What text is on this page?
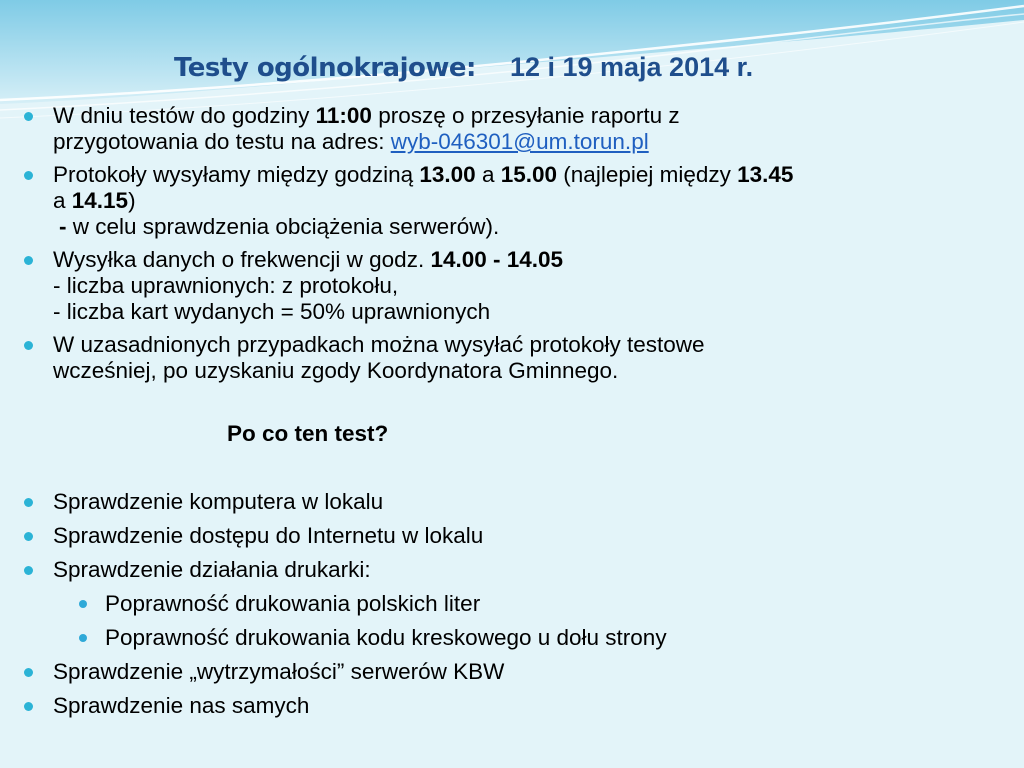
Testy ogólnokrajowe: 12 i 19 maja 2014 r.
W dniu testów do godziny 11:00 proszę o przesyłanie raportu z
przygotowania do testu na adres: wyb-046301@um.torun.pl
Protokoły wysyłamy między godziną 13.00 a 15.00 (najlepiej między 13.45
a 14.15)
- w celu sprawdzenia obciążenia serwerów).
Wysyłka danych o frekwencji w godz. 14.00 - 14.05
- liczba uprawnionych: z protokołu,
- liczba kart wydanych = 50% uprawnionych
W uzasadnionych przypadkach można wysyłać protokoły testowe
wcześniej, po uzyskaniu zgody Koordynatora Gminnego.
Po co ten test?
Sprawdzenie komputera w lokalu
Sprawdzenie dostępu do Internetu w lokalu
Sprawdzenie działania drukarki:
Poprawność drukowania polskich liter
Poprawność drukowania kodu kreskowego u dołu strony
Sprawdzenie „wytrzymałości” serwerów KBW
Sprawdzenie nas samych
